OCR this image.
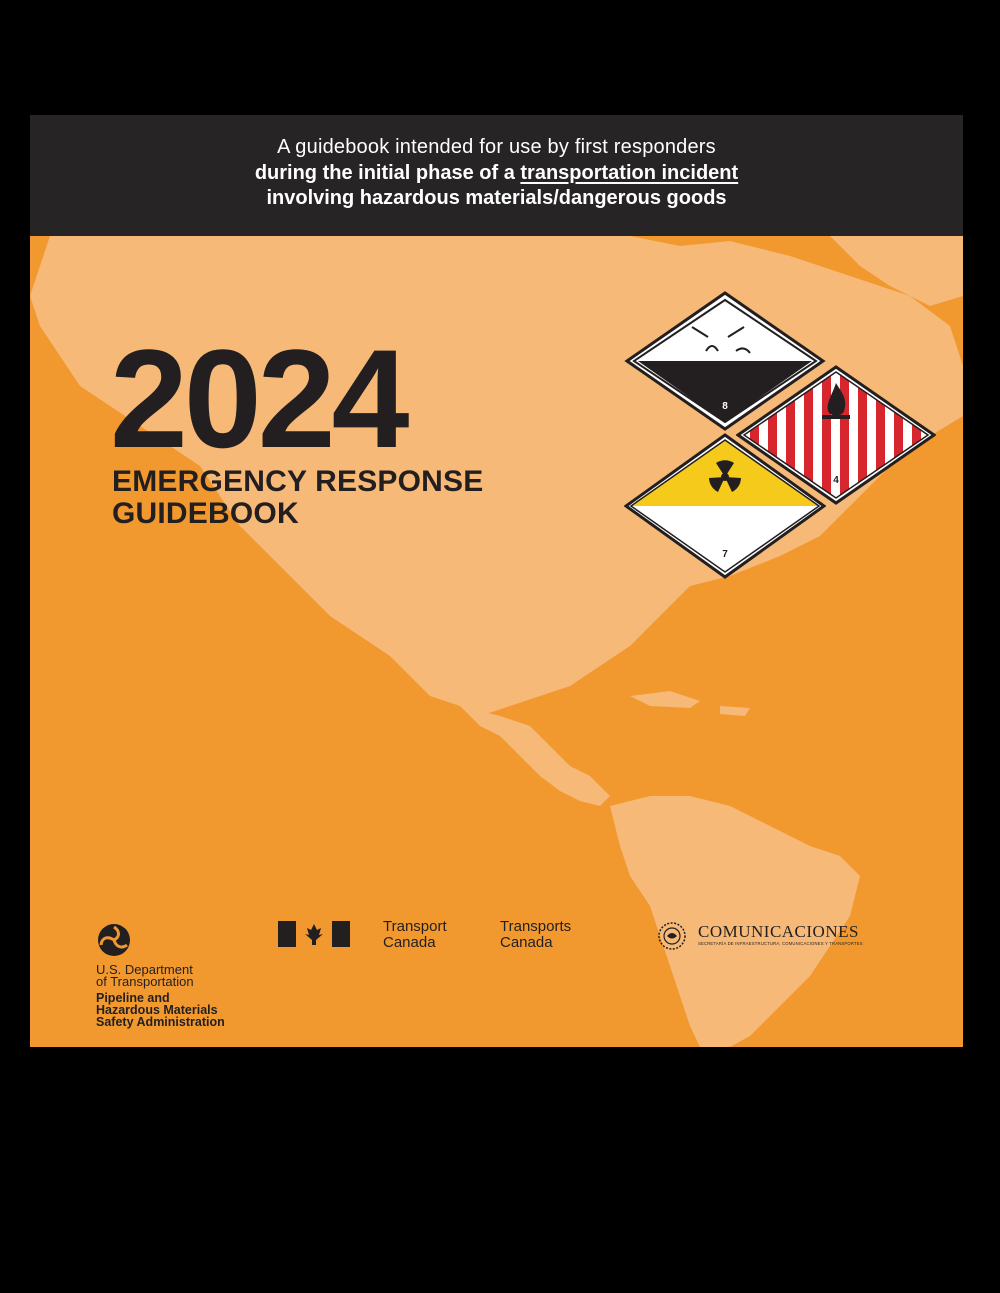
A guidebook intended for use by first responders
during the initial phase of a transportation incident
involving hazardous materials/dangerous goods
2024
EMERGENCY RESPONSE
GUIDEBOOK
8
4
7
U.S. Department
of Transportation
Pipeline and
Hazardous Materials
Safety Administration
Transport
Canada
Transports
Canada
COMUNICACIONES
SECRETARÍA DE INFRAESTRUCTURA, COMUNICACIONES Y TRANSPORTES
